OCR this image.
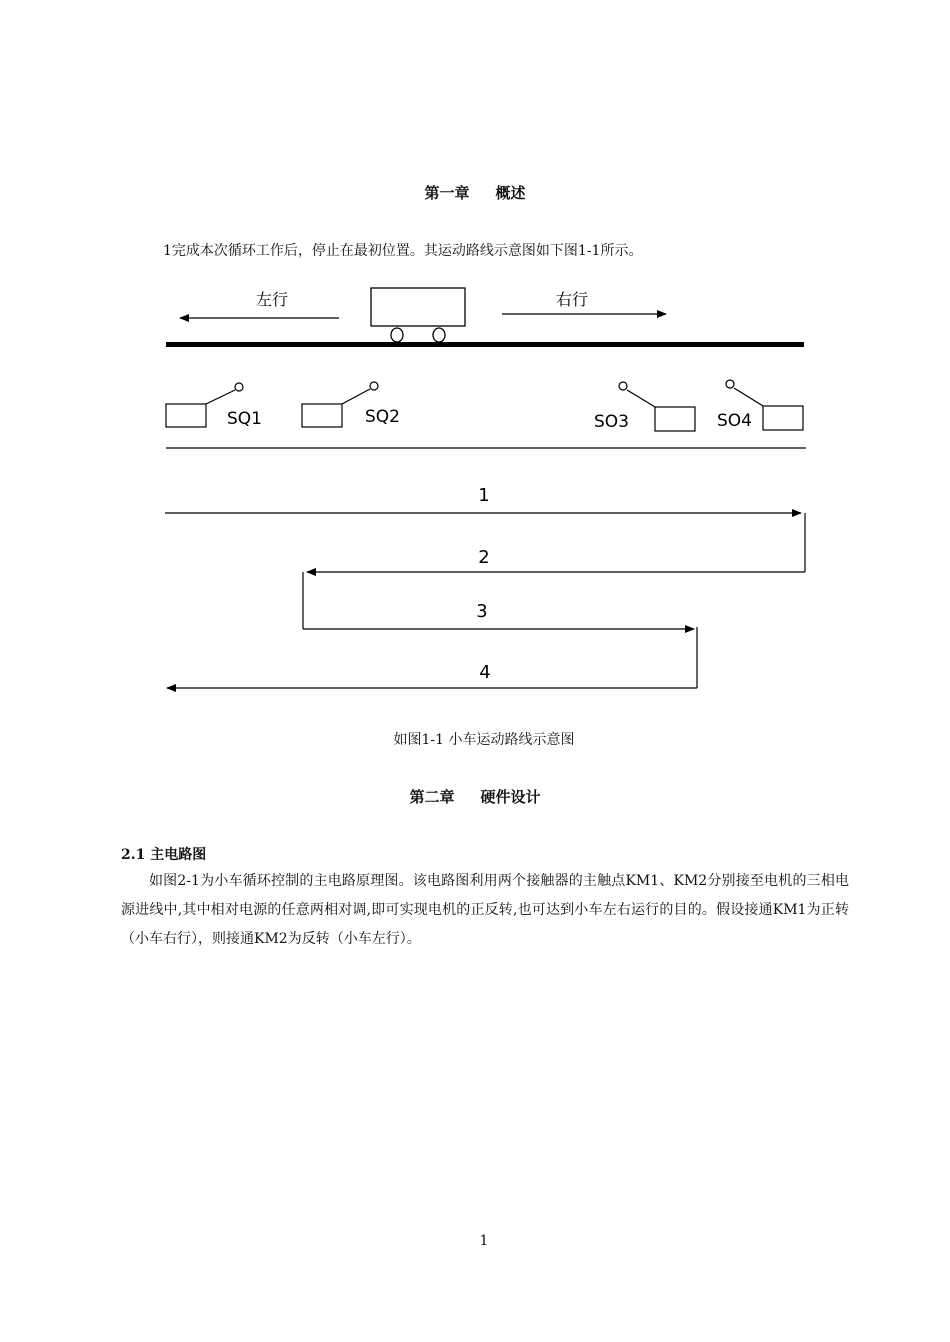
第一章 概述
1完成本次循环工作后，停止在最初位置。其运动路线示意图如下图1-1所示。
左行	右行
SQ1	SQ2	SO3	SO4
1
2
3
4
如图1-1 小车运动路线示意图
第二章 硬件设计
2.1 主电路图

如图2-1为小车循环控制的主电路原理图。该电路图利用两个接触器的主触点KM1、KM2分别接至电机的三相电源进线中,其中相对电源的任意两相对调,即可实现电机的正反转,也可达到小车左右运行的目的。假设接通KM1为正转（小车右行），则接通KM2为反转（小车左行）。

1
